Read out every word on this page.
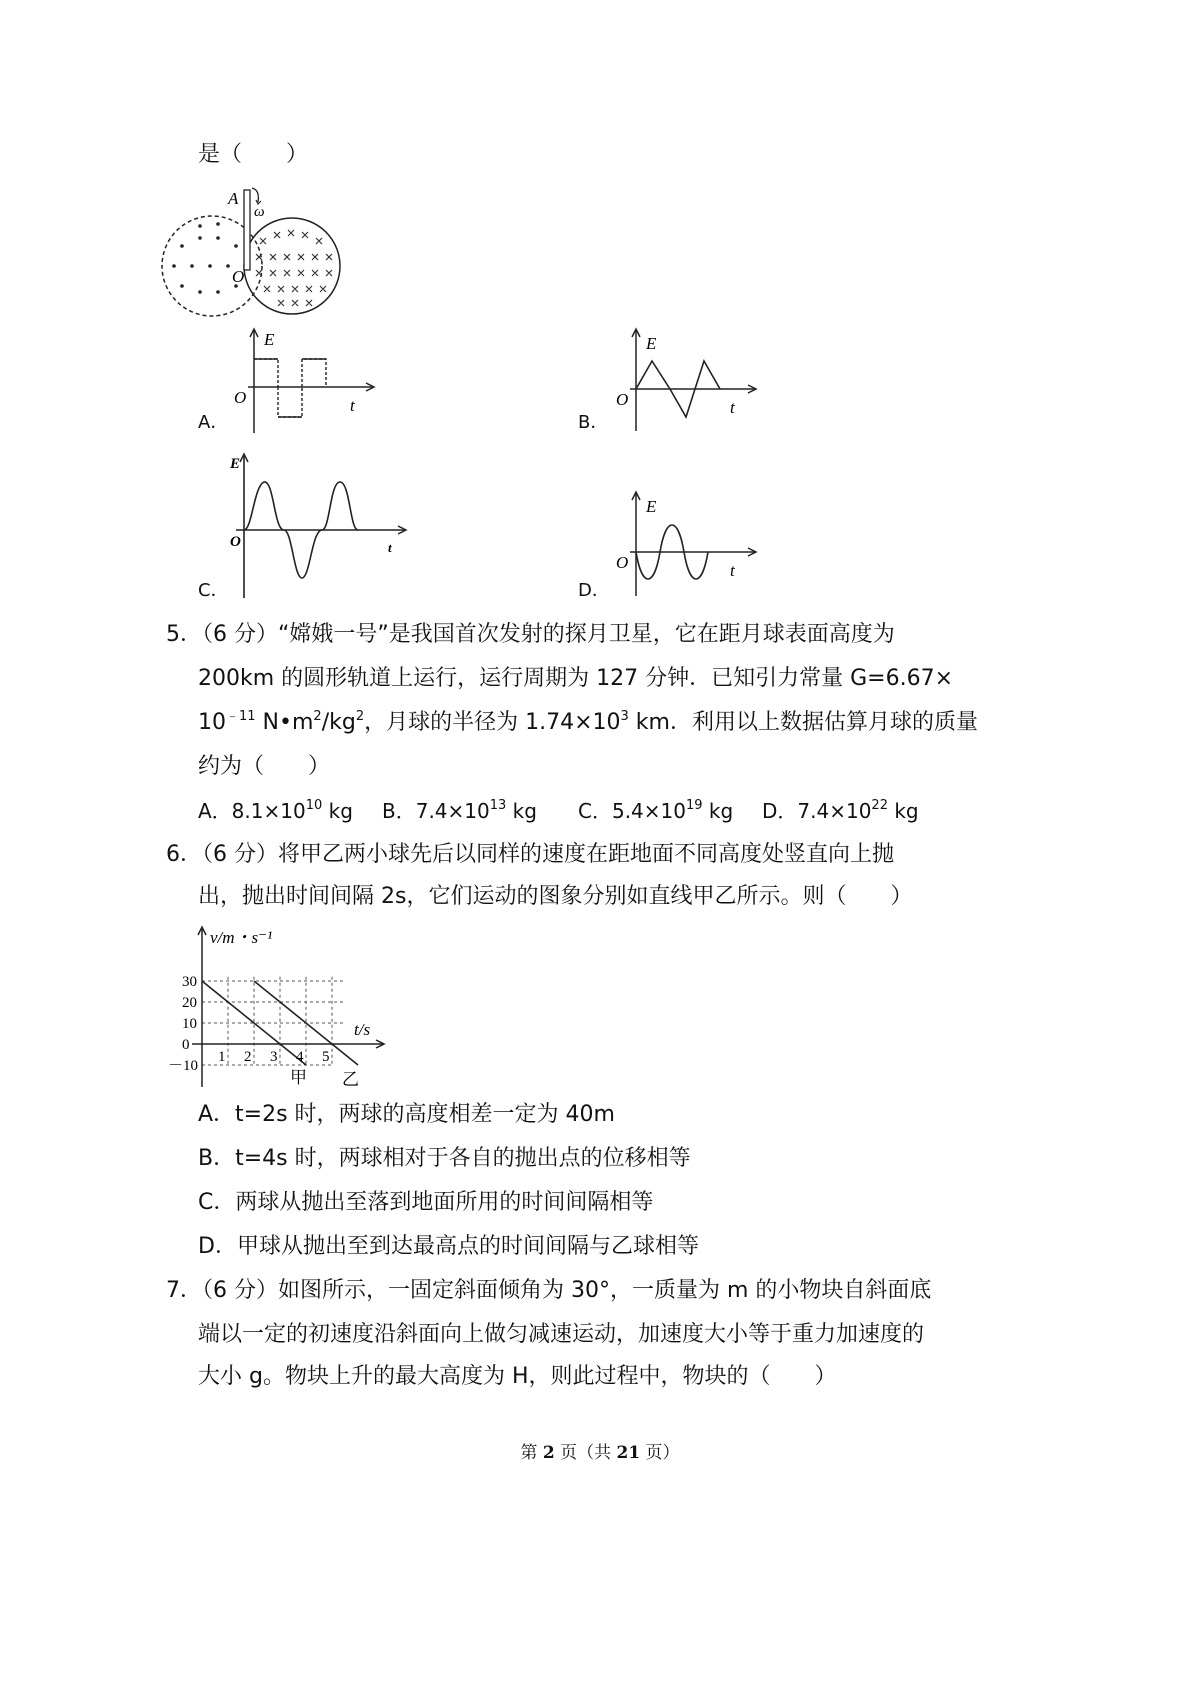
是（　　）
A
ω
O
E
O	t
A．
E
O	t
B．
E
O	t
C．
E
O	t
D．
5．（6 分）“嫦娥一号”是我国首次发射的探月卫星，它在距月球表面高度为
200km 的圆形轨道上运行，运行周期为 127 分钟．已知引力常量 G=6.67×
$10^{﹣11}$ $N•m^2/kg^2$，月球的半径为 $1.74\times 10^3$ km．利用以上数据估算月球的质量
约为（　　）
A．$8.1\times 10^{10}$ kg B．$7.4\times 10^{13}$ kg C．$5.4\times 10^{19}$ kg D．$7.4\times 10^{22}$ kg
6．（6 分）将甲乙两小球先后以同样的速度在距地面不同高度处竖直向上抛
出，抛出时间间隔 2s，它们运动的图象分别如直线甲乙所示。则（　　）
30
20
10
0
－10
1 2 3 4 5
v/m・s⁻¹
t/s
甲 乙
A．t=2s 时，两球的高度相差一定为 40m
B．t=4s 时，两球相对于各自的抛出点的位移相等
C．两球从抛出至落到地面所用的时间间隔相等
D．甲球从抛出至到达最高点的时间间隔与乙球相等
7．（6 分）如图所示，一固定斜面倾角为 30°，一质量为 m 的小物块自斜面底
端以一定的初速度沿斜面向上做匀减速运动，加速度大小等于重力加速度的
大小 g。物块上升的最大高度为 H，则此过程中，物块的（　　）
第 2 页（共 21 页）
